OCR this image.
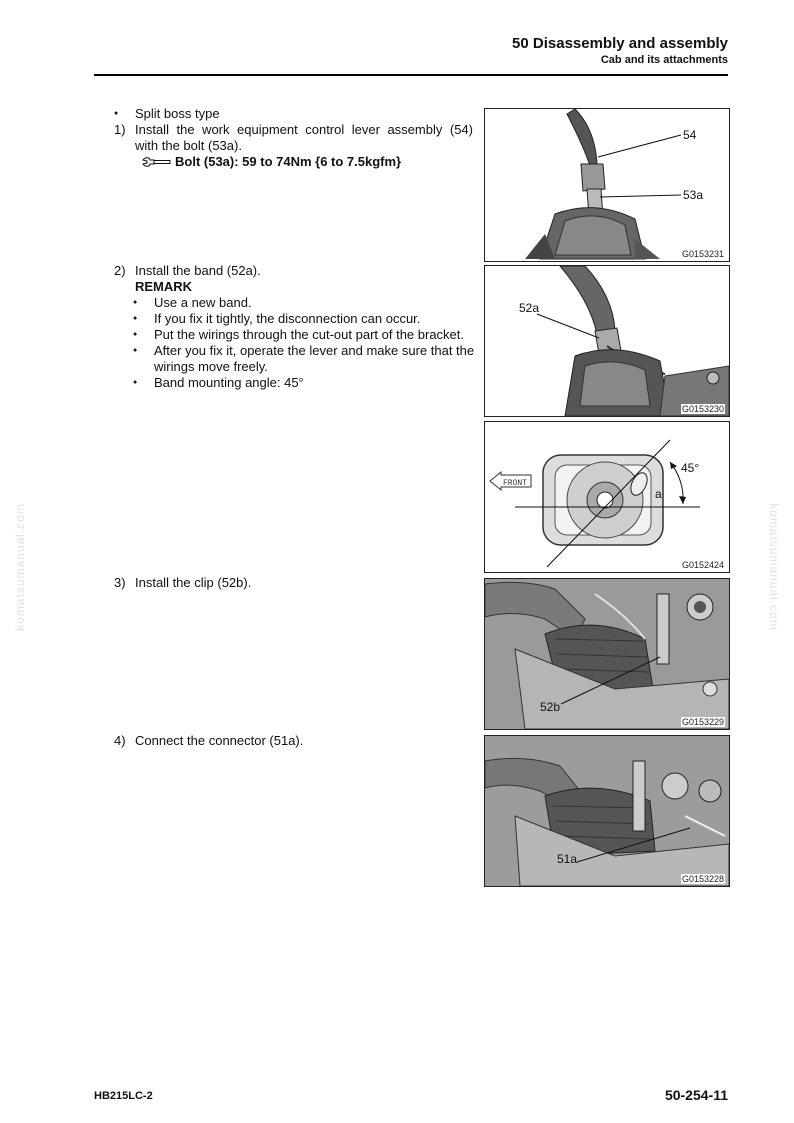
50 Disassembly and assembly
Cab and its attachments
komatsumanual.com	komatsumanual.com
● Split boss type
1) Install the work equipment control lever assembly (54)
with the bolt (53a).
Bolt (53a): 59 to 74Nm {6 to 7.5kgfm}
2) Install the band (52a).
REMARK
● Use a new band.
● If you fix it tightly, the disconnection can occur.
● Put the wirings through the cut-out part of the bracket.
● After you fix it, operate the lever and make sure that the
wirings move freely.
● Band mounting angle: 45°
3) Install the clip (52b).
4) Connect the connector (51a).
54
53a
G0153231
52a
G0153230
FRONT
45°
a
G0152424
52b
G0153229
51a
G0153228
HB215LC-2	50-254-11
